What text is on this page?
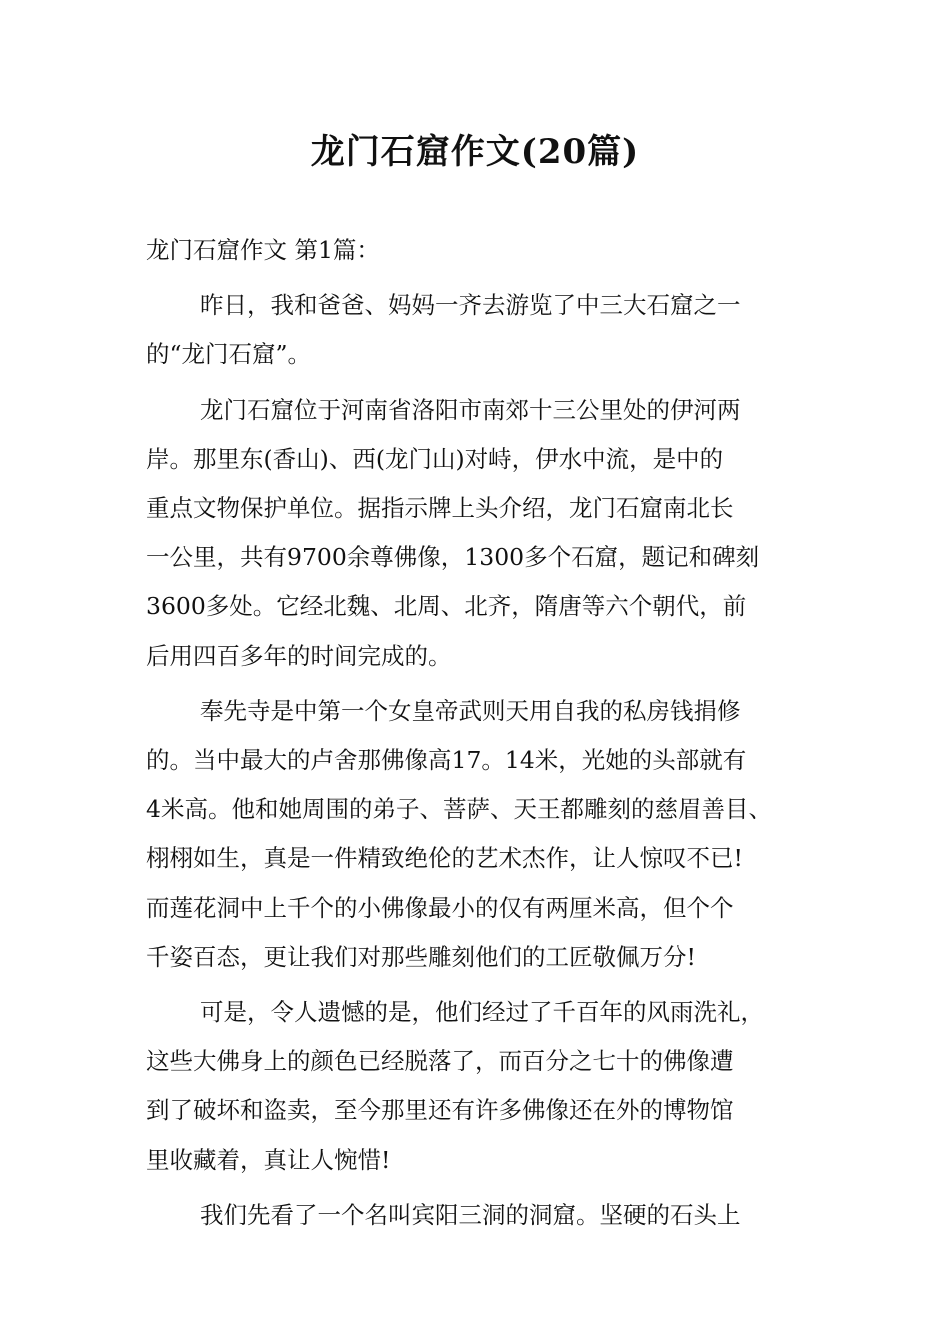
龙门石窟作文(20篇)
龙门石窟作文 第1篇：
昨日，我和爸爸、妈妈一齐去游览了中三大石窟之一
的“龙门石窟”。
龙门石窟位于河南省洛阳市南郊十三公里处的伊河两
岸。那里东(香山)、西(龙门山)对峙，伊水中流，是中的
重点文物保护单位。据指示牌上头介绍，龙门石窟南北长
一公里，共有9700余尊佛像，1300多个石窟，题记和碑刻
3600多处。它经北魏、北周、北齐，隋唐等六个朝代，前
后用四百多年的时间完成的。
奉先寺是中第一个女皇帝武则天用自我的私房钱捐修
的。当中最大的卢舍那佛像高17。14米，光她的头部就有
4米高。他和她周围的弟子、菩萨、天王都雕刻的慈眉善目、
栩栩如生，真是一件精致绝伦的艺术杰作，让人惊叹不已!
而莲花洞中上千个的小佛像最小的仅有两厘米高，但个个
千姿百态，更让我们对那些雕刻他们的工匠敬佩万分!
可是，令人遗憾的是，他们经过了千百年的风雨洗礼，
这些大佛身上的颜色已经脱落了，而百分之七十的佛像遭
到了破坏和盗卖，至今那里还有许多佛像还在外的博物馆
里收藏着，真让人惋惜!
我们先看了一个名叫宾阳三洞的洞窟。坚硬的石头上
